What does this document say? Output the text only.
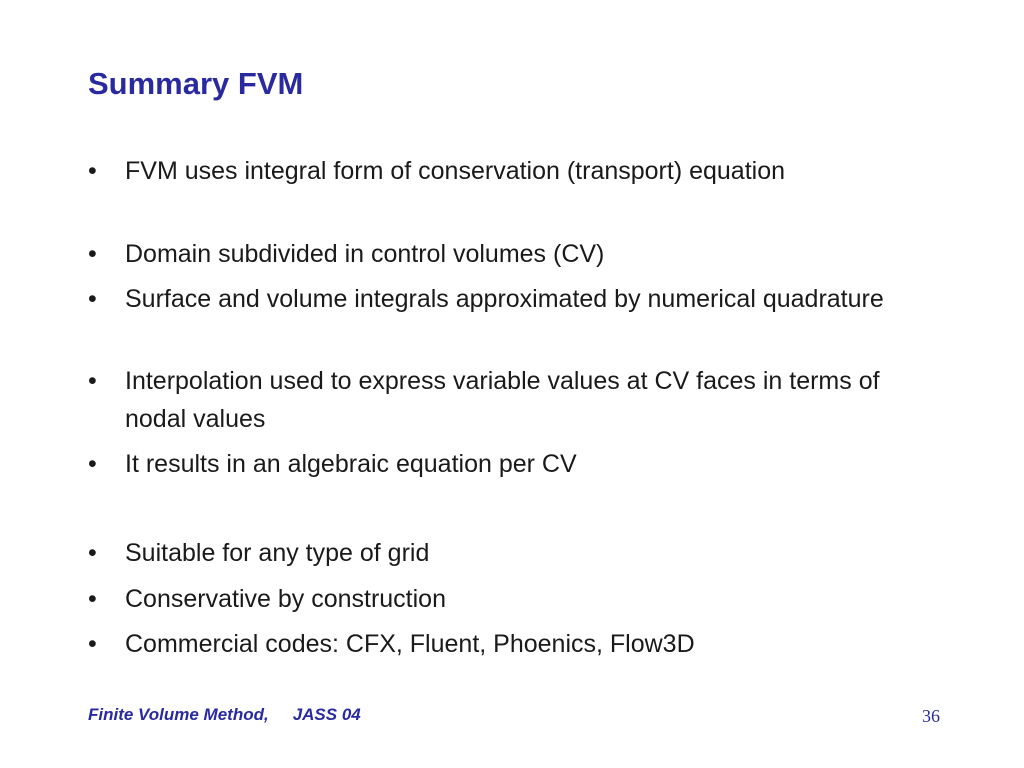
Summary FVM
•	FVM uses integral form of conservation (transport) equation
•	Domain subdivided in control volumes (CV)
•	Surface and volume integrals approximated by numerical quadrature
•	Interpolation used to express variable values at CV faces in terms of nodal values
•	It results in an algebraic equation per CV
•	Suitable for any type of grid
•	Conservative by construction
•	Commercial codes: CFX, Fluent, Phoenics, Flow3D
Finite Volume Method, JASS 04	36
